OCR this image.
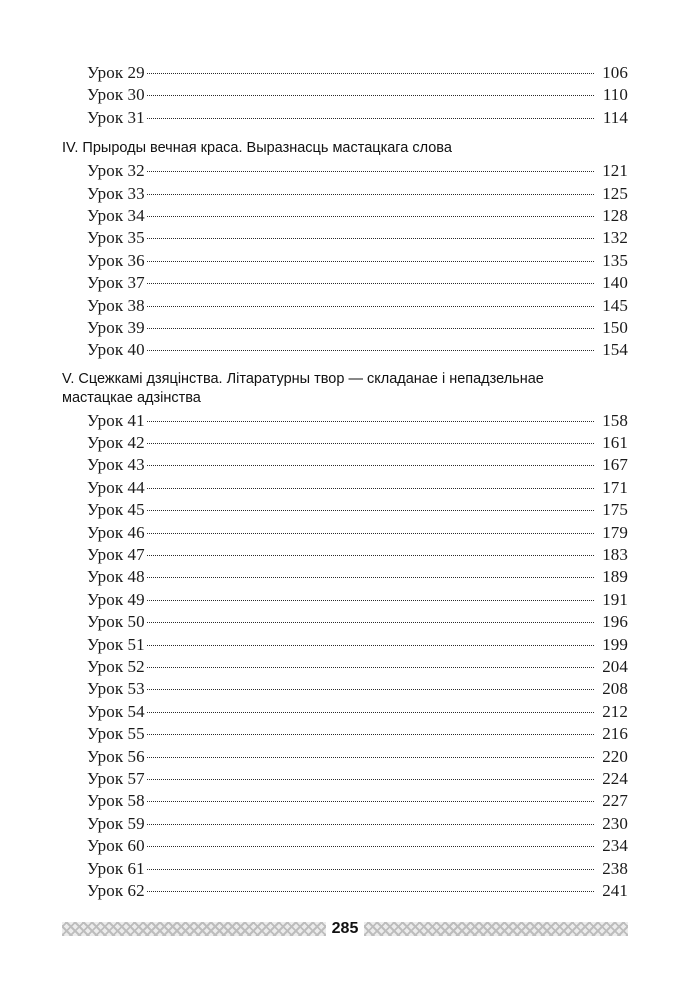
Урок 29	106
Урок 30	110
Урок 31	114
IV. Прыроды вечная краса. Выразнасць мастацкага слова
Урок 32	121
Урок 33	125
Урок 34	128
Урок 35	132
Урок 36	135
Урок 37	140
Урок 38	145
Урок 39	150
Урок 40	154
V. Сцежкамі дзяцінства. Літаратурны твор — складанае і непадзельнае мастацкае адзінства
Урок 41	158
Урок 42	161
Урок 43	167
Урок 44	171
Урок 45	175
Урок 46	179
Урок 47	183
Урок 48	189
Урок 49	191
Урок 50	196
Урок 51	199
Урок 52	204
Урок 53	208
Урок 54	212
Урок 55	216
Урок 56	220
Урок 57	224
Урок 58	227
Урок 59	230
Урок 60	234
Урок 61	238
Урок 62	241
285
